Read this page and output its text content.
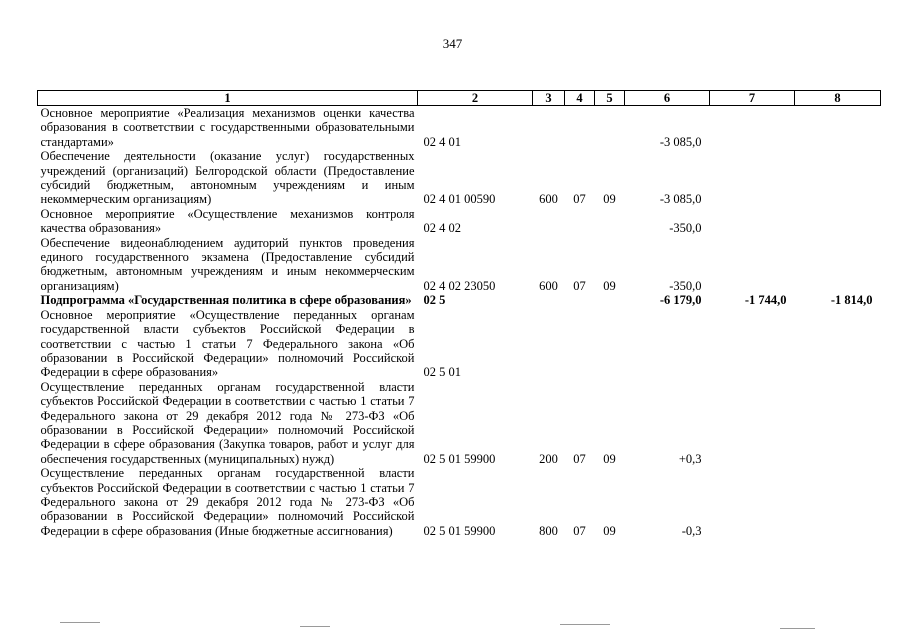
347
1	2	3	4	5	6	7	8
Основное мероприятие «Реализация механизмов оценки качества образования в соответствии с государственными образовательными стандартами»	02 4 01				-3 085,0		
Обеспечение деятельности (оказание услуг) государственных учреждений (организаций) Белгородской области (Предоставление субсидий бюджетным, автономным учреждениям и иным некоммерческим организациям)	02 4 01 00590	600	07	09	-3 085,0		
Основное мероприятие «Осуществление механизмов контроля качества образования»	02 4 02				-350,0		
Обеспечение видеонаблюдением аудиторий пунктов проведения единого государственного экзамена (Предоставление субсидий бюджетным, автономным учреждениям и иным некоммерческим организациям)	02 4 02 23050	600	07	09	-350,0		
Подпрограмма «Государственная политика в сфере образования»	02 5				-6 179,0	-1 744,0	-1 814,0
Основное мероприятие «Осуществление переданных органам государственной власти субъектов Российской Федерации в соответствии с частью 1 статьи 7 Федерального закона «Об образовании в Российской Федерации» полномочий Российской Федерации в сфере образования»	02 5 01						
Осуществление переданных органам государственной власти субъектов Российской Федерации в соответствии с частью 1 статьи 7 Федерального закона от 29 декабря 2012 года № 273-ФЗ «Об образовании в Российской Федерации» полномочий Российской Федерации в сфере образования (Закупка товаров, работ и услуг для обеспечения государственных (муниципальных) нужд)	02 5 01 59900	200	07	09	+0,3		
Осуществление переданных органам государственной власти субъектов Российской Федерации в соответствии с частью 1 статьи 7 Федерального закона от 29 декабря 2012 года № 273-ФЗ «Об образовании в Российской Федерации» полномочий Российской Федерации в сфере образования (Иные бюджетные ассигнования)	02 5 01 59900	800	07	09	-0,3		
